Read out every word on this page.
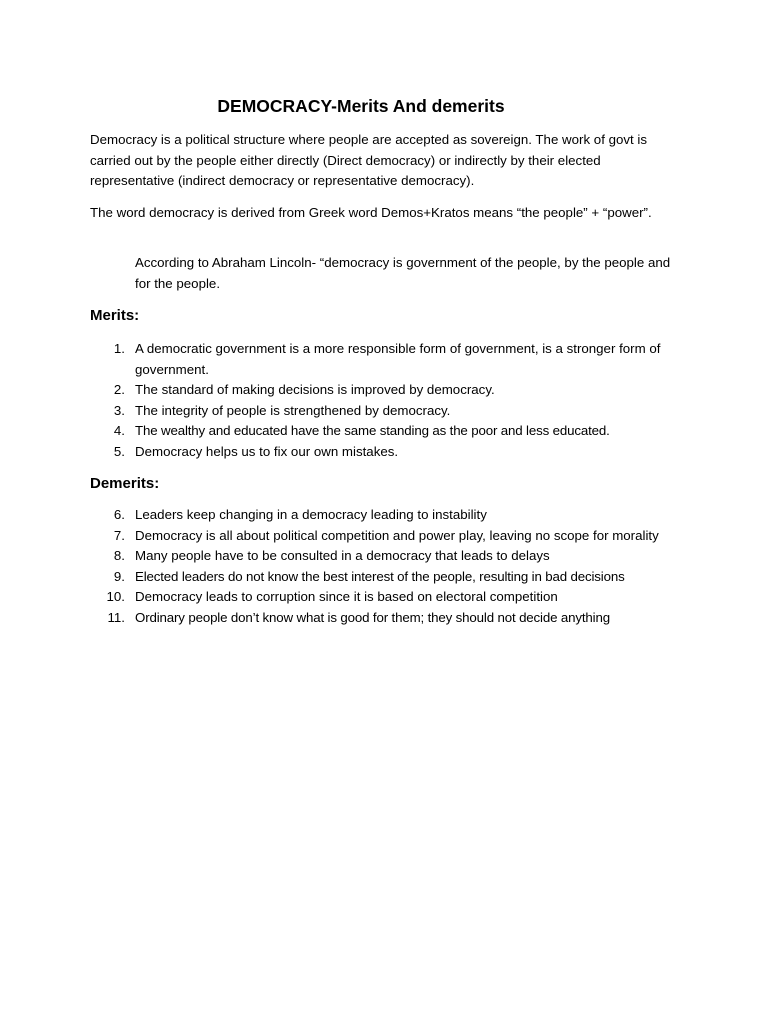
DEMOCRACY-Merits And demerits

Democracy is a political structure where people are accepted as sovereign. The work of govt is carried out by the people either directly (Direct democracy) or indirectly by their elected representative (indirect democracy or representative democracy).

The word democracy is derived from Greek word Demos+Kratos means “the people” + “power”.

According to Abraham Lincoln- “democracy is government of the people, by the people and for the people.

Merits:
1. A democratic government is a more responsible form of government, is a stronger form of government.
2. The standard of making decisions is improved by democracy.
3. The integrity of people is strengthened by democracy.
4. The wealthy and educated have the same standing as the poor and less educated.
5. Democracy helps us to fix our own mistakes.
Demerits:
6. Leaders keep changing in a democracy leading to instability
7. Democracy is all about political competition and power play, leaving no scope for morality
8. Many people have to be consulted in a democracy that leads to delays
9. Elected leaders do not know the best interest of the people, resulting in bad decisions
10. Democracy leads to corruption since it is based on electoral competition
11. Ordinary people don’t know what is good for them; they should not decide anything
